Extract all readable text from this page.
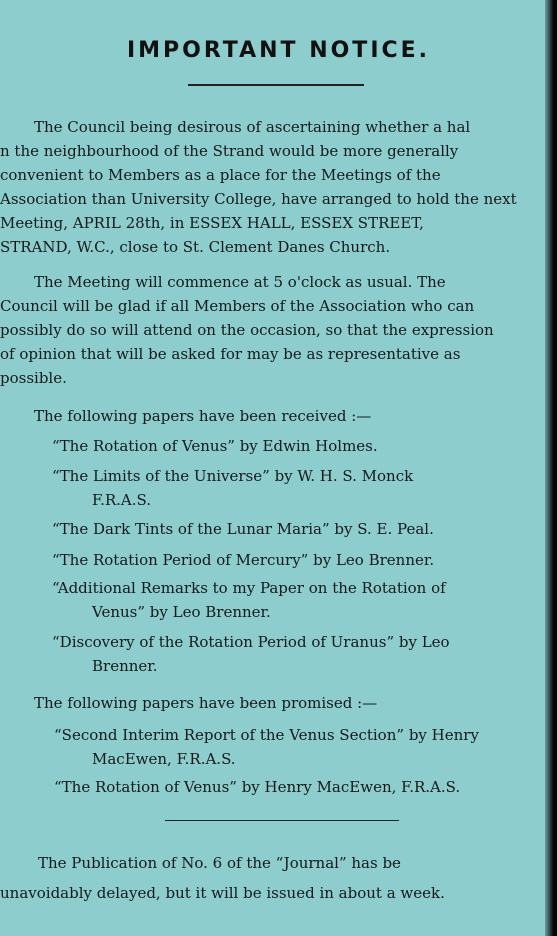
IMPORTANT NOTICE.
The Council being desirous of ascertaining whether a hal
n the neighbourhood of the Strand would be more generally
convenient to Members as a place for the Meetings of the
Association than University College, have arranged to hold the next
Meeting, APRIL 28th, in ESSEX HALL, ESSEX STREET,
STRAND, W.C., close to St. Clement Danes Church.
The Meeting will commence at 5 o'clock as usual. The
Council will be glad if all Members of the Association who can
possibly do so will attend on the occasion, so that the expression
of opinion that will be asked for may be as representative as
possible.
The following papers have been received :—
“The Rotation of Venus” by Edwin Holmes.
“The Limits of the Universe” by W. H. S. Monck
F.R.A.S.
“The Dark Tints of the Lunar Maria” by S. E. Peal.
“The Rotation Period of Mercury” by Leo Brenner.
“Additional Remarks to my Paper on the Rotation of
Venus” by Leo Brenner.
“Discovery of the Rotation Period of Uranus” by Leo
Brenner.
The following papers have been promised :—
“Second Interim Report of the Venus Section” by Henry
MacEwen, F.R.A.S.
“The Rotation of Venus” by Henry MacEwen, F.R.A.S.
The Publication of No. 6 of the “Journal” has be
unavoidably delayed, but it will be issued in about a week.
